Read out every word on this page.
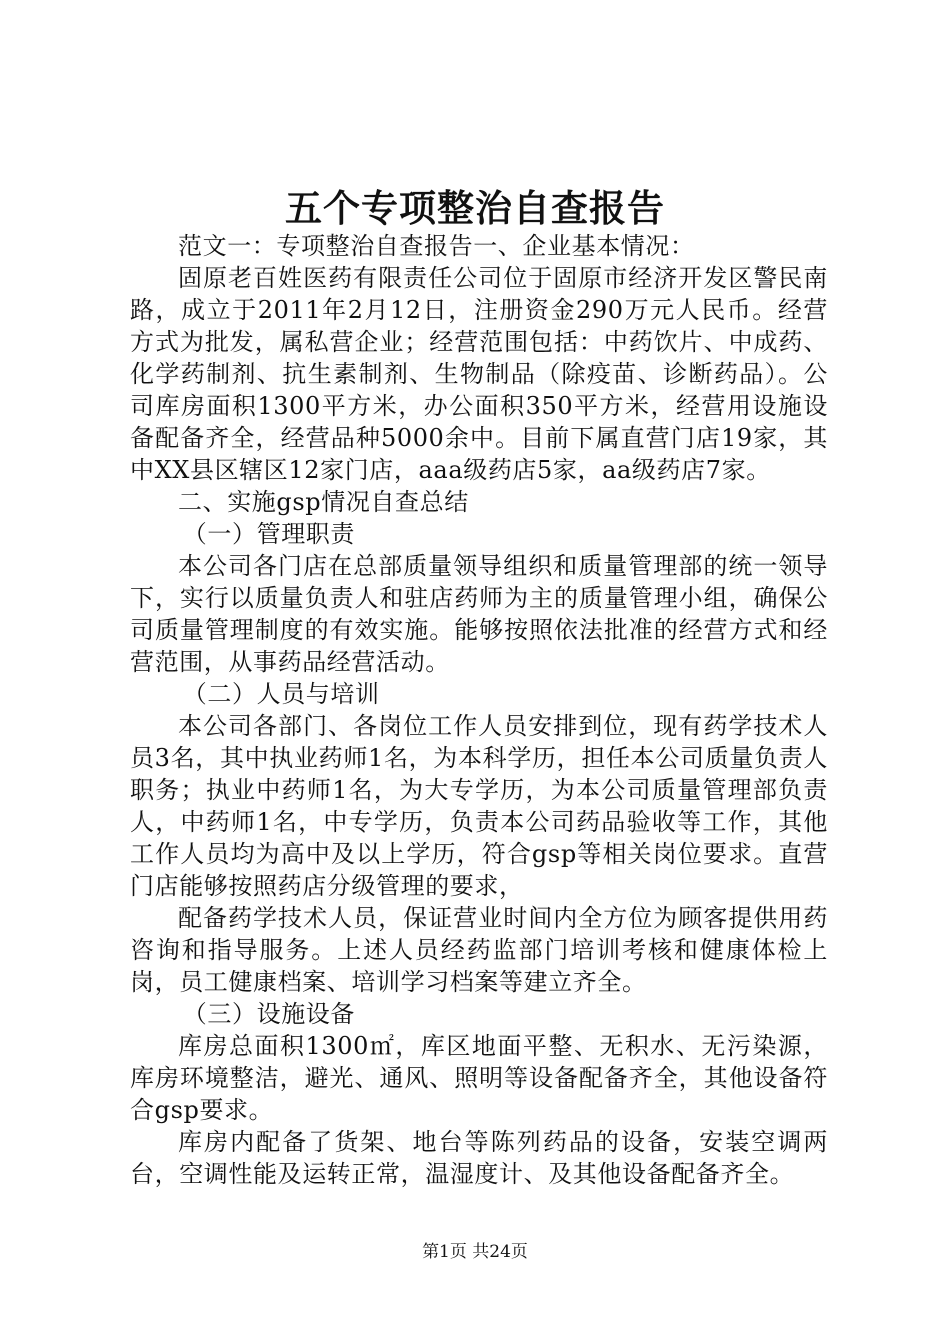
五个专项整治自查报告

范文一：专项整治自查报告一、企业基本情况：

固原老百姓医药有限责任公司位于固原市经济开发区警民南路，成立于2011年2月12日，注册资金290万元人民币。经营方式为批发，属私营企业；经营范围包括：中药饮片、中成药、化学药制剂、抗生素制剂、生物制品（除疫苗、诊断药品）。公司库房面积1300平方米，办公面积350平方米，经营用设施设备配备齐全，经营品种5000余中。目前下属直营门店19家，其中XX县区辖区12家门店，aaa级药店5家，aa级药店7家。

二、实施gsp情况自查总结

（一）管理职责

本公司各门店在总部质量领导组织和质量管理部的统一领导下，实行以质量负责人和驻店药师为主的质量管理小组，确保公司质量管理制度的有效实施。能够按照依法批准的经营方式和经营范围，从事药品经营活动。

（二）人员与培训

本公司各部门、各岗位工作人员安排到位，现有药学技术人员3名，其中执业药师1名，为本科学历，担任本公司质量负责人职务；执业中药师1名，为大专学历，为本公司质量管理部负责人，中药师1名，中专学历，负责本公司药品验收等工作，其他工作人员均为高中及以上学历，符合gsp等相关岗位要求。直营门店能够按照药店分级管理的要求，

配备药学技术人员，保证营业时间内全方位为顾客提供用药咨询和指导服务。上述人员经药监部门培训考核和健康体检上岗，员工健康档案、培训学习档案等建立齐全。

（三）设施设备

库房总面积1300㎡，库区地面平整、无积水、无污染源，库房环境整洁，避光、通风、照明等设备配备齐全，其他设备符合gsp要求。

库房内配备了货架、地台等陈列药品的设备，安装空调两台，空调性能及运转正常，温湿度计、及其他设备配备齐全。

第1页 共24页
